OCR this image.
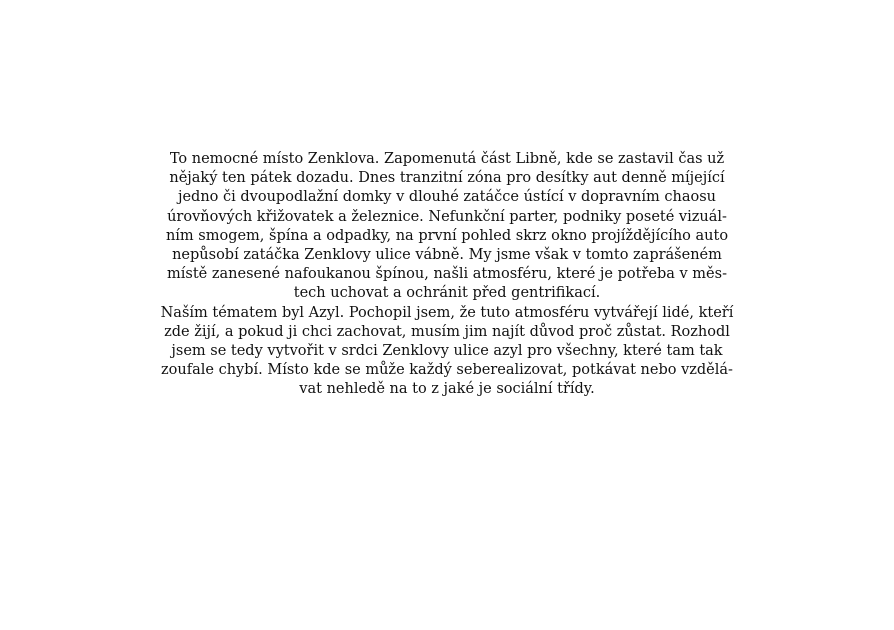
To nemocné místo Zenklova. Zapomenutá část Libně, kde se zastavil čas už
nějaký ten pátek dozadu. Dnes tranzitní zóna pro desítky aut denně míjející
jedno či dvoupodlažní domky v dlouhé zatáčce ústící v dopravním chaosu
úrovňových křižovatek a železnice. Nefunkční parter, podniky poseté vizuál-
ním smogem, špína a odpadky, na první pohled skrz okno projíždějícího auto
nepůsobí zatáčka Zenklovy ulice vábně. My jsme však v tomto zaprášeném
místě zanesené nafoukanou špínou, našli atmosféru, které je potřeba v měs-
tech uchovat a ochránit před gentrifikací.
Naším tématem byl Azyl. Pochopil jsem, že tuto atmosféru vytvářejí lidé, kteří
zde žijí, a pokud ji chci zachovat, musím jim najít důvod proč zůstat. Rozhodl
jsem se tedy vytvořit v srdci Zenklovy ulice azyl pro všechny, které tam tak
zoufale chybí. Místo kde se může každý seberealizovat, potkávat nebo vzdělá-
vat nehledě na to z jaké je sociální třídy.
